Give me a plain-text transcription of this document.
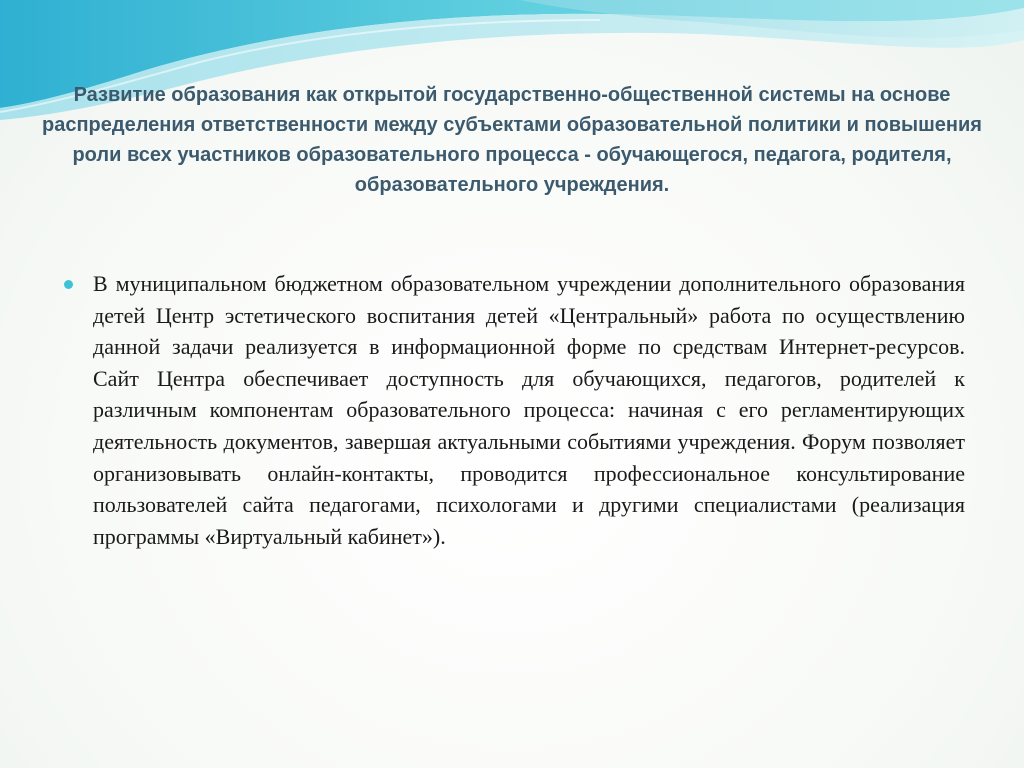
Развитие образования как открытой государственно-общественной системы на основе распределения ответственности между субъектами образовательной политики и повышения роли всех участников образовательного процесса - обучающегося, педагога, родителя, образовательного учреждения.

В муниципальном бюджетном образовательном учреждении дополнительного образования детей Центр эстетического воспитания детей «Центральный» работа по осуществлению данной задачи реализуется в информационной форме по средствам Интернет-ресурсов. Сайт Центра обеспечивает доступность для обучающихся, педагогов, родителей к различным компонентам образовательного процесса: начиная с его регламентирующих деятельность документов, завершая актуальными событиями учреждения. Форум позволяет организовывать онлайн-контакты, проводится профессиональное консультирование пользователей сайта педагогами, психологами и другими специалистами (реализация программы «Виртуальный кабинет»).
